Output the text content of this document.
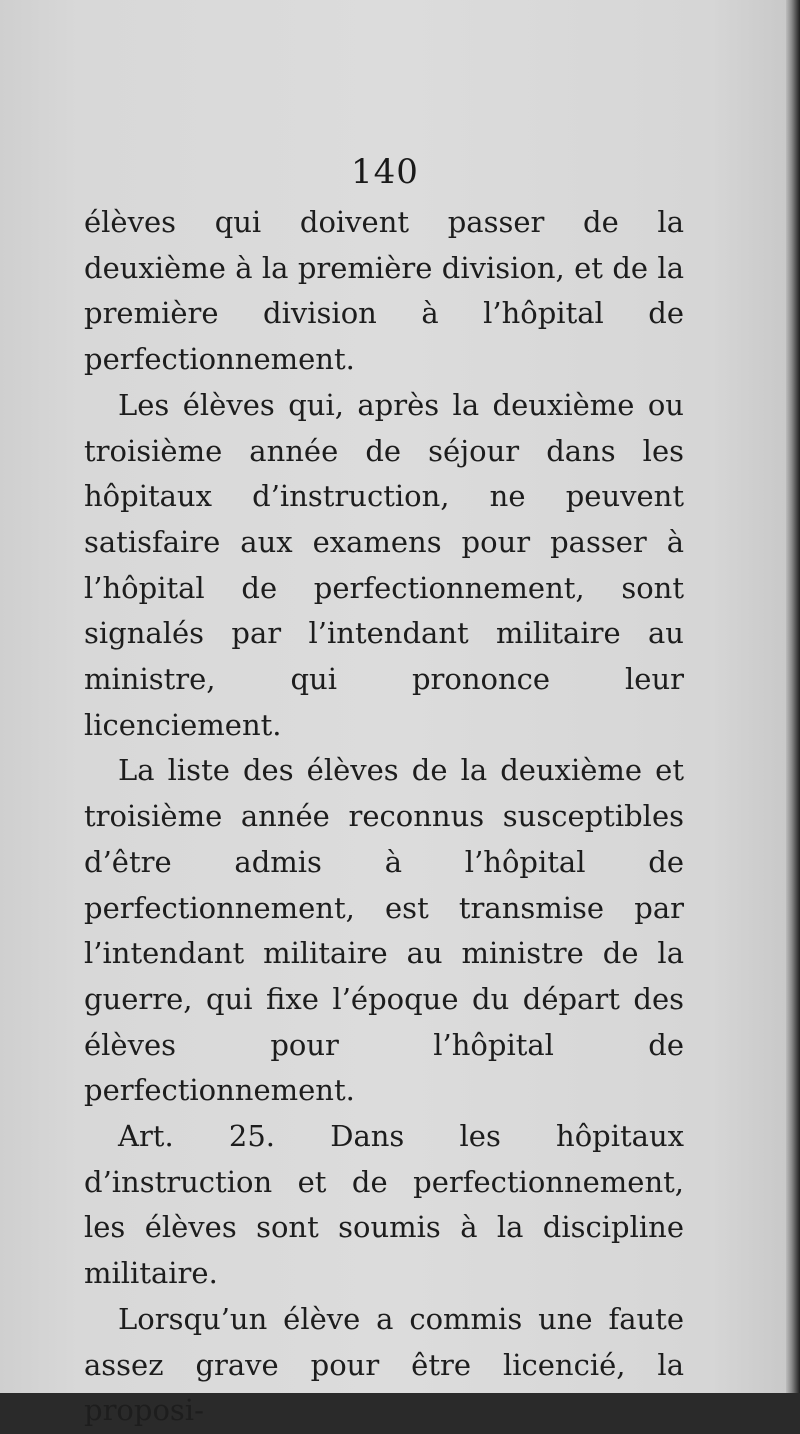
140

élèves qui doivent passer de la deuxième à la première division, et de la première division à l’hôpital de perfectionnement.

Les élèves qui, après la deuxième ou troisième année de séjour dans les hôpitaux d’instruction, ne peuvent satisfaire aux examens pour passer à l’hôpital de perfectionnement, sont signalés par l’intendant militaire au ministre, qui prononce leur licenciement.

La liste des élèves de la deuxième et troisième année reconnus susceptibles d’être admis à l’hôpital de perfectionnement, est transmise par l’intendant militaire au ministre de la guerre, qui fixe l’époque du départ des élèves pour l’hôpital de perfectionnement.

Art. 25. Dans les hôpitaux d’instruction et de perfectionnement, les élèves sont soumis à la discipline militaire.

Lorsqu’un élève a commis une faute assez grave pour être licencié, la proposi-
